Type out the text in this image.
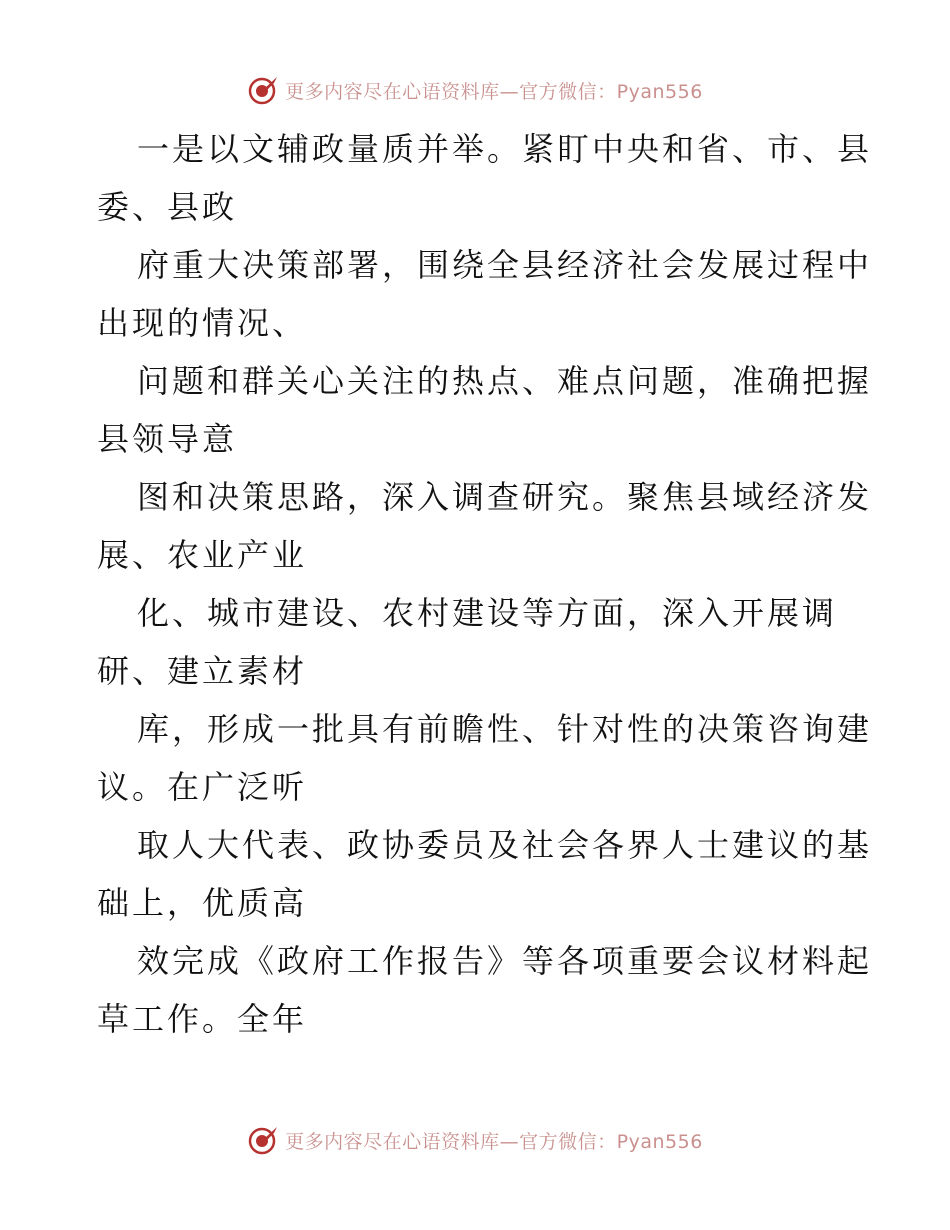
更多内容尽在心语资料库—官方微信：Pyan556
一是以文辅政量质并举。紧盯中央和省、市、县
委、县政
府重大决策部署，围绕全县经济社会发展过程中
出现的情况、
问题和群关心关注的热点、难点问题，准确把握
县领导意
图和决策思路，深入调查研究。聚焦县域经济发
展、农业产业
化、城市建设、农村建设等方面，深入开展调
研、建立素材
库，形成一批具有前瞻性、针对性的决策咨询建
议。在广泛听
取人大代表、政协委员及社会各界人士建议的基
础上，优质高
效完成《政府工作报告》等各项重要会议材料起
草工作。全年
更多内容尽在心语资料库—官方微信：Pyan556
